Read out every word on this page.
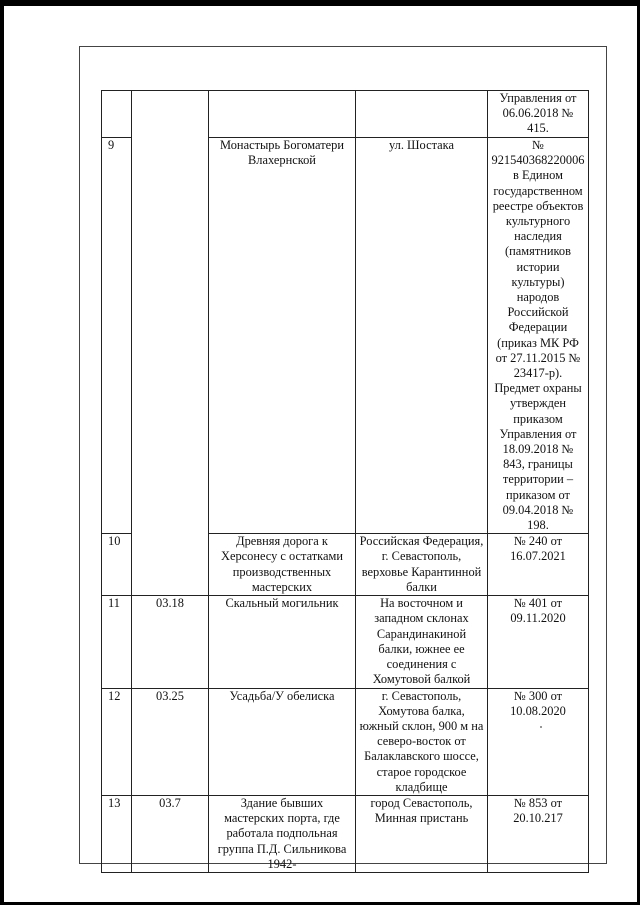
				Управления от 06.06.2018 № 415.
9		Монастырь Богоматери Влахерн​ской	ул. Шостака	№ 921540368220006 в Едином государственном реестре объектов культурного наследия (памятников истории культуры) народов Российской Федерации (приказ МК РФ от 27.11.2015 № 23417-р). Предмет охраны утвержден приказом Управления от 18.09.2018 № 843, границы территории – приказом от 09.04.2018 № 198.
10		Древняя дорога к Херсонесу с остатками производственных мастерских	Российская Федерация, г. Севастополь, верховье Карантинной балки	№ 240 от 16.07.2021
11	03.18	Скальный могильник	На восточном и западном склонах Сарандинакиной балки, южнее ее соединения с Хомутовой балкой	№ 401 от 09.11.2020
12	03.25	Усадьба/У обелиска	г. Севастополь, Хомутова балка, южный склон, 900 м на северо-восток от Балаклавского шоссе, старое городское кладбище	№ 300 от 10.08.2020
13	03.7	Здание бывших мастерских порта, где работала подпольная группа П.Д. Сильникова 1942-	город Севастополь, Минная пристань	№ 853 от 20.10.217
